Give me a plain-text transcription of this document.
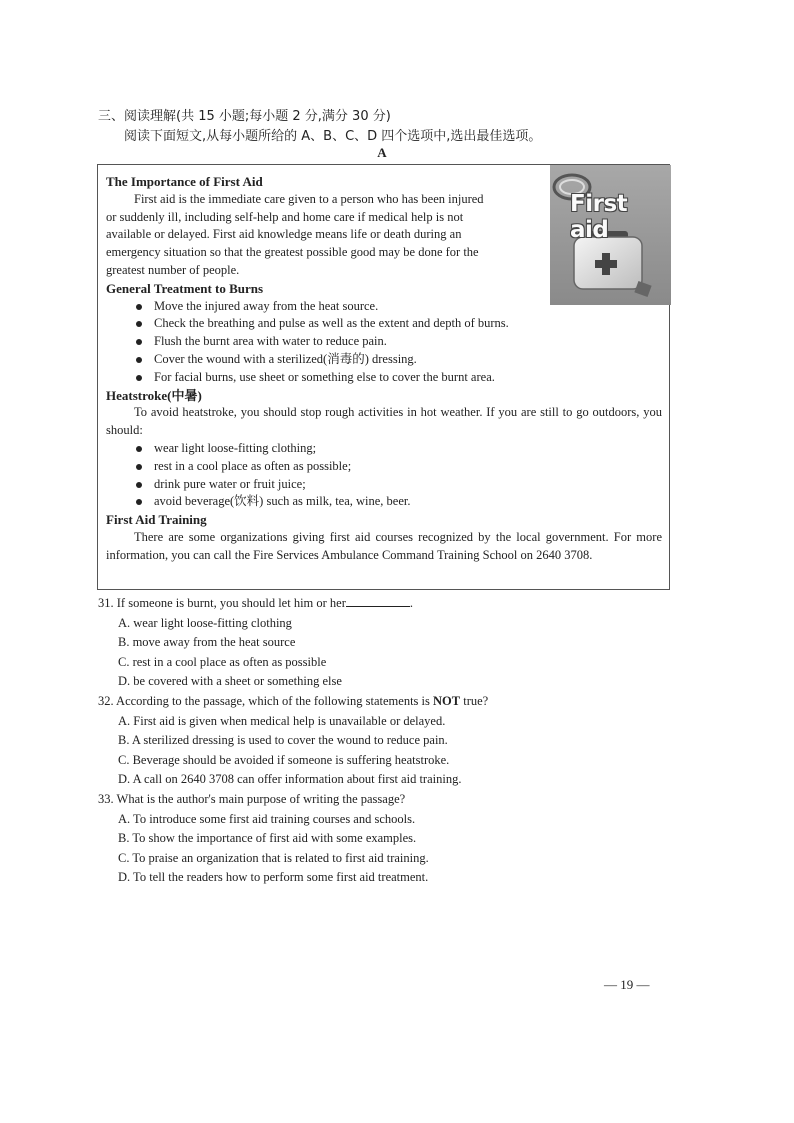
三、阅读理解(共 15 小题;每小题 2 分,满分 30 分)
阅读下面短文,从每小题所给的 A、B、C、D 四个选项中,选出最佳选项。
A
First aid
The Importance of First Aid
First aid is the immediate care given to a person who has been injured
or suddenly ill, including self-help and home care if medical help is not
available or delayed. First aid knowledge means life or death during an
emergency situation so that the greatest possible good may be done for the
greatest number of people.
General Treatment to Burns
Move the injured away from the heat source.
Check the breathing and pulse as well as the extent and depth of burns.
Flush the burnt area with water to reduce pain.
Cover the wound with a sterilized(消毒的) dressing.
For facial burns, use sheet or something else to cover the burnt area.
Heatstroke(中暑)
To avoid heatstroke, you should stop rough activities in hot weather. If you are still to go outdoors, you should:
wear light loose-fitting clothing;
rest in a cool place as often as possible;
drink pure water or fruit juice;
avoid beverage(饮料) such as milk, tea, wine, beer.
First Aid Training
There are some organizations giving first aid courses recognized by the local government. For more information, you can call the Fire Services Ambulance Command Training School on 2640 3708.
31. If someone is burnt, you should let him or her	.
A. wear light loose-fitting clothing
B. move away from the heat source
C. rest in a cool place as often as possible
D. be covered with a sheet or something else
32. According to the passage, which of the following statements is NOT true?
A. First aid is given when medical help is unavailable or delayed.
B. A sterilized dressing is used to cover the wound to reduce pain.
C. Beverage should be avoided if someone is suffering heatstroke.
D. A call on 2640 3708 can offer information about first aid training.
33. What is the author's main purpose of writing the passage?
A. To introduce some first aid training courses and schools.
B. To show the importance of first aid with some examples.
C. To praise an organization that is related to first aid training.
D. To tell the readers how to perform some first aid treatment.
— 19 —
